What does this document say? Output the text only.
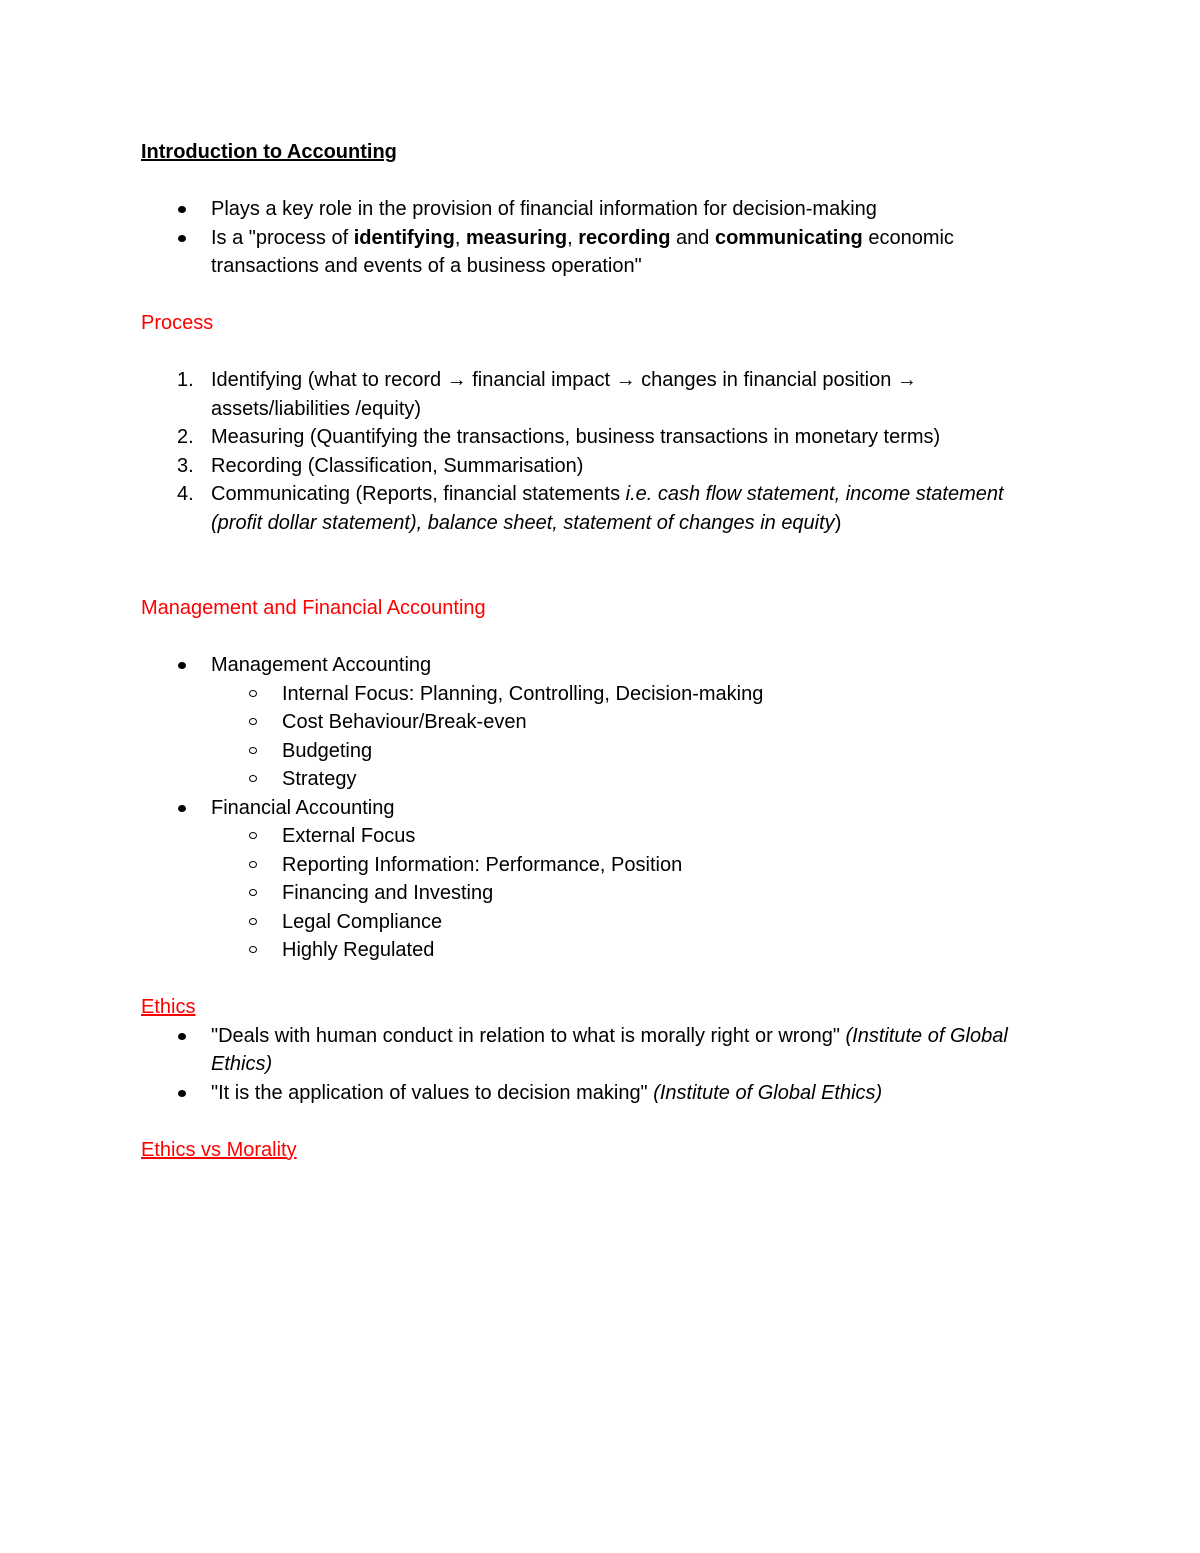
Introduction to Accounting

Plays a key role in the provision of financial information for decision-making
Is a "process of identifying, measuring, recording and communicating economic transactions and events of a business operation"

Process

1. Identifying (what to record → financial impact → changes in financial position → assets/liabilities /equity)
2. Measuring (Quantifying the transactions, business transactions in monetary terms)
3. Recording (Classification, Summarisation)
4. Communicating (Reports, financial statements i.e. cash flow statement, income statement (profit dollar statement), balance sheet, statement of changes in equity)

Management and Financial Accounting

Management Accounting
Internal Focus: Planning, Controlling, Decision-making
Cost Behaviour/Break-even
Budgeting
Strategy
Financial Accounting
External Focus
Reporting Information: Performance, Position
Financing and Investing
Legal Compliance
Highly Regulated

Ethics

"Deals with human conduct in relation to what is morally right or wrong" (Institute of Global Ethics)
"It is the application of values to decision making" (Institute of Global Ethics)

Ethics vs Morality
